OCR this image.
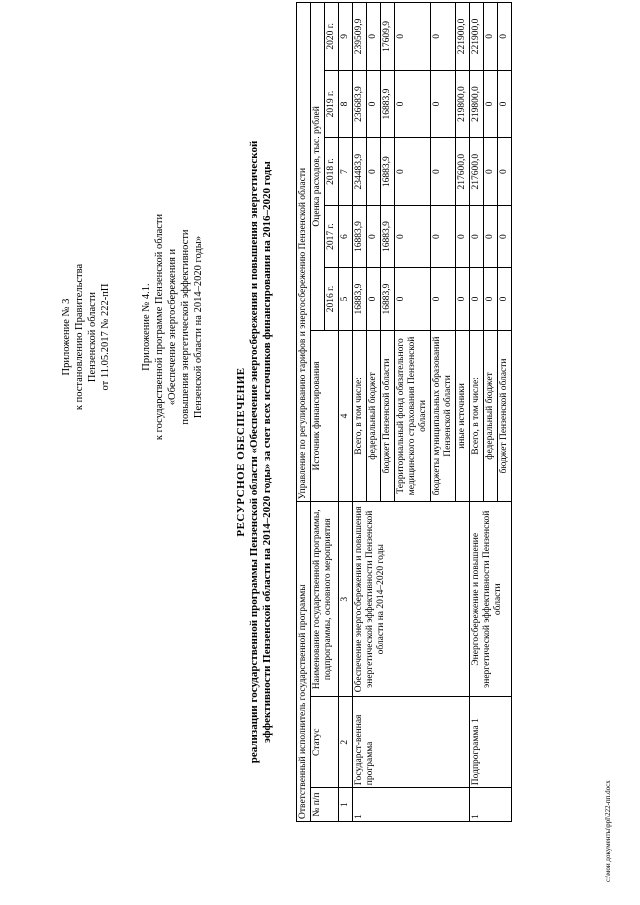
Приложение № 3 к постановлению Правительства Пензенской области от 11.05.2017 № 222-пП	Приложение № 4.1. к государственной программе Пензенской области «Обеспечение энергосбережения и повышения энергетической эффективности Пензенской области на 2014–2020 годы»
РЕСУРСНОЕ ОБЕСПЕЧЕНИЕ реализации государственной программы Пензенской области «Обеспечение энергосбережения и повышения энергетической эффективности Пензенской области на 2014–2020 годы» за счет всех источников финансирования на 2016–2020 годы	Ответственный исполнитель государственной программы			Управление по регулированию тарифов и энергосбережению Пензенской области					
№ п/п	Статус	Наименование государственной программы, подпрограммы, основного мероприятия	Источник финансирования	Оценка расходов, тыс. рублей				
				2016 г.	2017 г.	2018 г.	2019 г.	2020 г.
1	2	3	4	5	6	7	8	9
1	Государст-венная программа	Обеспечение энергосбережения и повышения энергетической эффективности Пензенской области на 2014–2020 годы	Всего, в том числе:	16883,9	16883,9	234483,9	236683,9	239509,9
			федеральный бюджет	0	0	0	0	0
			бюджет Пензенской области	16883,9	16883,9	16883,9	16883,9	17609,9
			Территориальный фонд обязательного медицинского страхования Пензенской области	0	0	0	0	0
			бюджеты муниципальных образований Пензенской области	0	0	0	0	0
			иные источники	0	0	217600,0	219800,0	221900,0
1	Подпрограмма 1	Энергосбережение и повышение энергетической эффективности Пензенской области	Всего, в том числе:	0	0	217600,0	219800,0	221900,0
			федеральный бюджет	0	0	0	0	0
			бюджет Пензенской области	0	0	0	0	0
c:\мои документы\ppl\222-пп.docx
